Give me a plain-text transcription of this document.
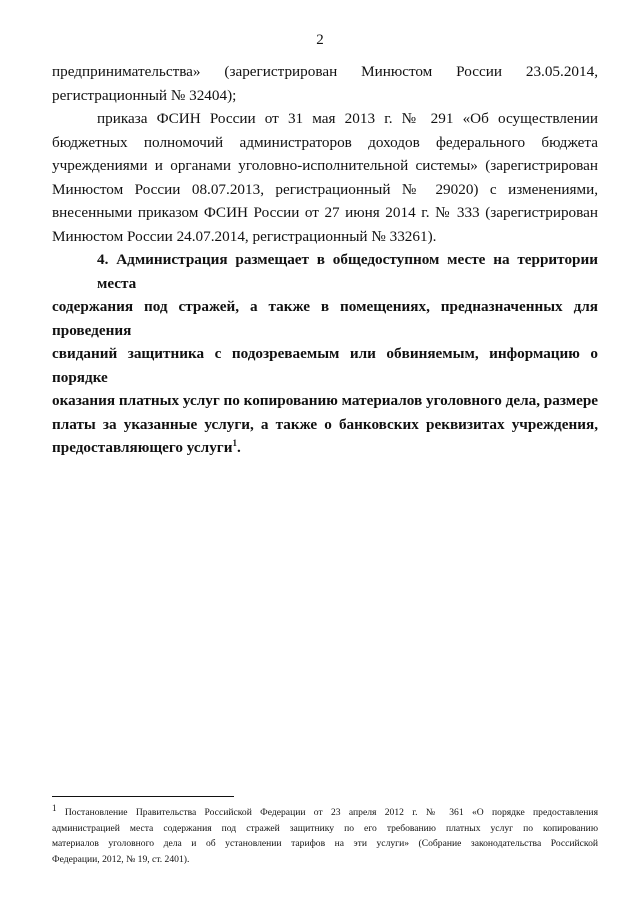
2
предпринимательства» (зарегистрирован Минюстом России 23.05.2014,
регистрационный № 32404);
приказа ФСИН России от 31 мая 2013 г. № 291 «Об осуществлении
бюджетных полномочий администраторов доходов федерального бюджета
учреждениями и органами уголовно-исполнительной системы» (зарегистрирован
Минюстом России 08.07.2013, регистрационный № 29020) с изменениями,
внесенными приказом ФСИН России от 27 июня 2014 г. № 333 (зарегистрирован
Минюстом России 24.07.2014, регистрационный № 33261).
4. Администрация размещает в общедоступном месте на территории места
содержания под стражей, а также в помещениях, предназначенных для проведения
свиданий защитника с подозреваемым или обвиняемым, информацию о порядке
оказания платных услуг по копированию материалов уголовного дела, размере
платы за указанные услуги, а также о банковских реквизитах учреждения,
предоставляющего услуги$^1$.
$^1$ Постановление Правительства Российской Федерации от 23 апреля 2012 г. № 361 «О порядке предоставления
администрацией места содержания под стражей защитнику по его требованию платных услуг по копированию
материалов уголовного дела и об установлении тарифов на эти услуги» (Собрание законодательства Российской
Федерации, 2012, № 19, ст. 2401).
